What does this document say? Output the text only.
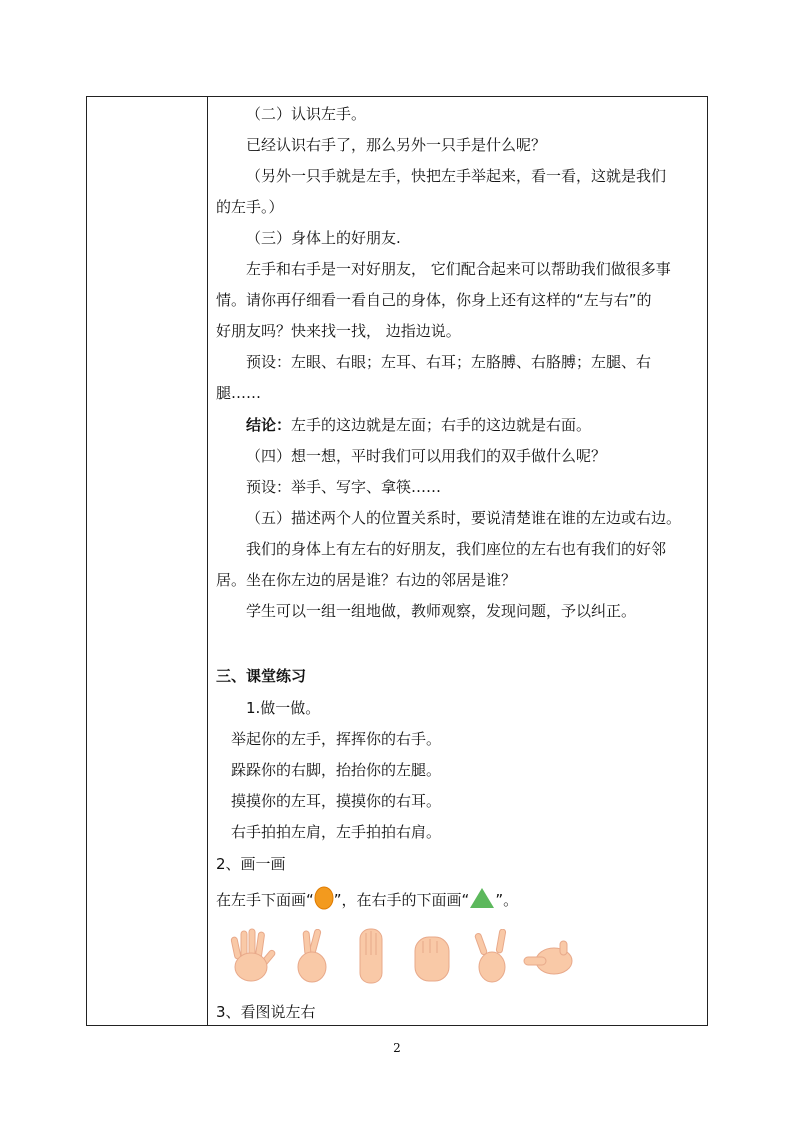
（二）认识左手。
已经认识右手了，那么另外一只手是什么呢？
（另外一只手就是左手，快把左手举起来，看一看，这就是我们
的左手。）
（三）身体上的好朋友.
左手和右手是一对好朋友， 它们配合起来可以帮助我们做很多事
情。请你再仔细看一看自己的身体，你身上还有这样的“左与右”的
好朋友吗？快来找一找， 边指边说。
预设：左眼、右眼；左耳、右耳；左胳膊、右胳膊；左腿、右
腿……
结论：左手的这边就是左面；右手的这边就是右面。
（四）想一想，平时我们可以用我们的双手做什么呢？
预设：举手、写字、拿筷……
（五）描述两个人的位置关系时，要说清楚谁在谁的左边或右边。
我们的身体上有左右的好朋友，我们座位的左右也有我们的好邻
居。坐在你左边的居是谁？右边的邻居是谁？
学生可以一组一组地做，教师观察，发现问题，予以纠正。
三、课堂练习
1.做一做。
举起你的左手，挥挥你的右手。
跺跺你的右脚，抬抬你的左腿。
摸摸你的左耳，摸摸你的右耳。
右手拍拍左肩，左手拍拍右肩。
2、画一画
在左手下面画“ ”，在右手的下面画“ ”。
3、看图说左右
2
